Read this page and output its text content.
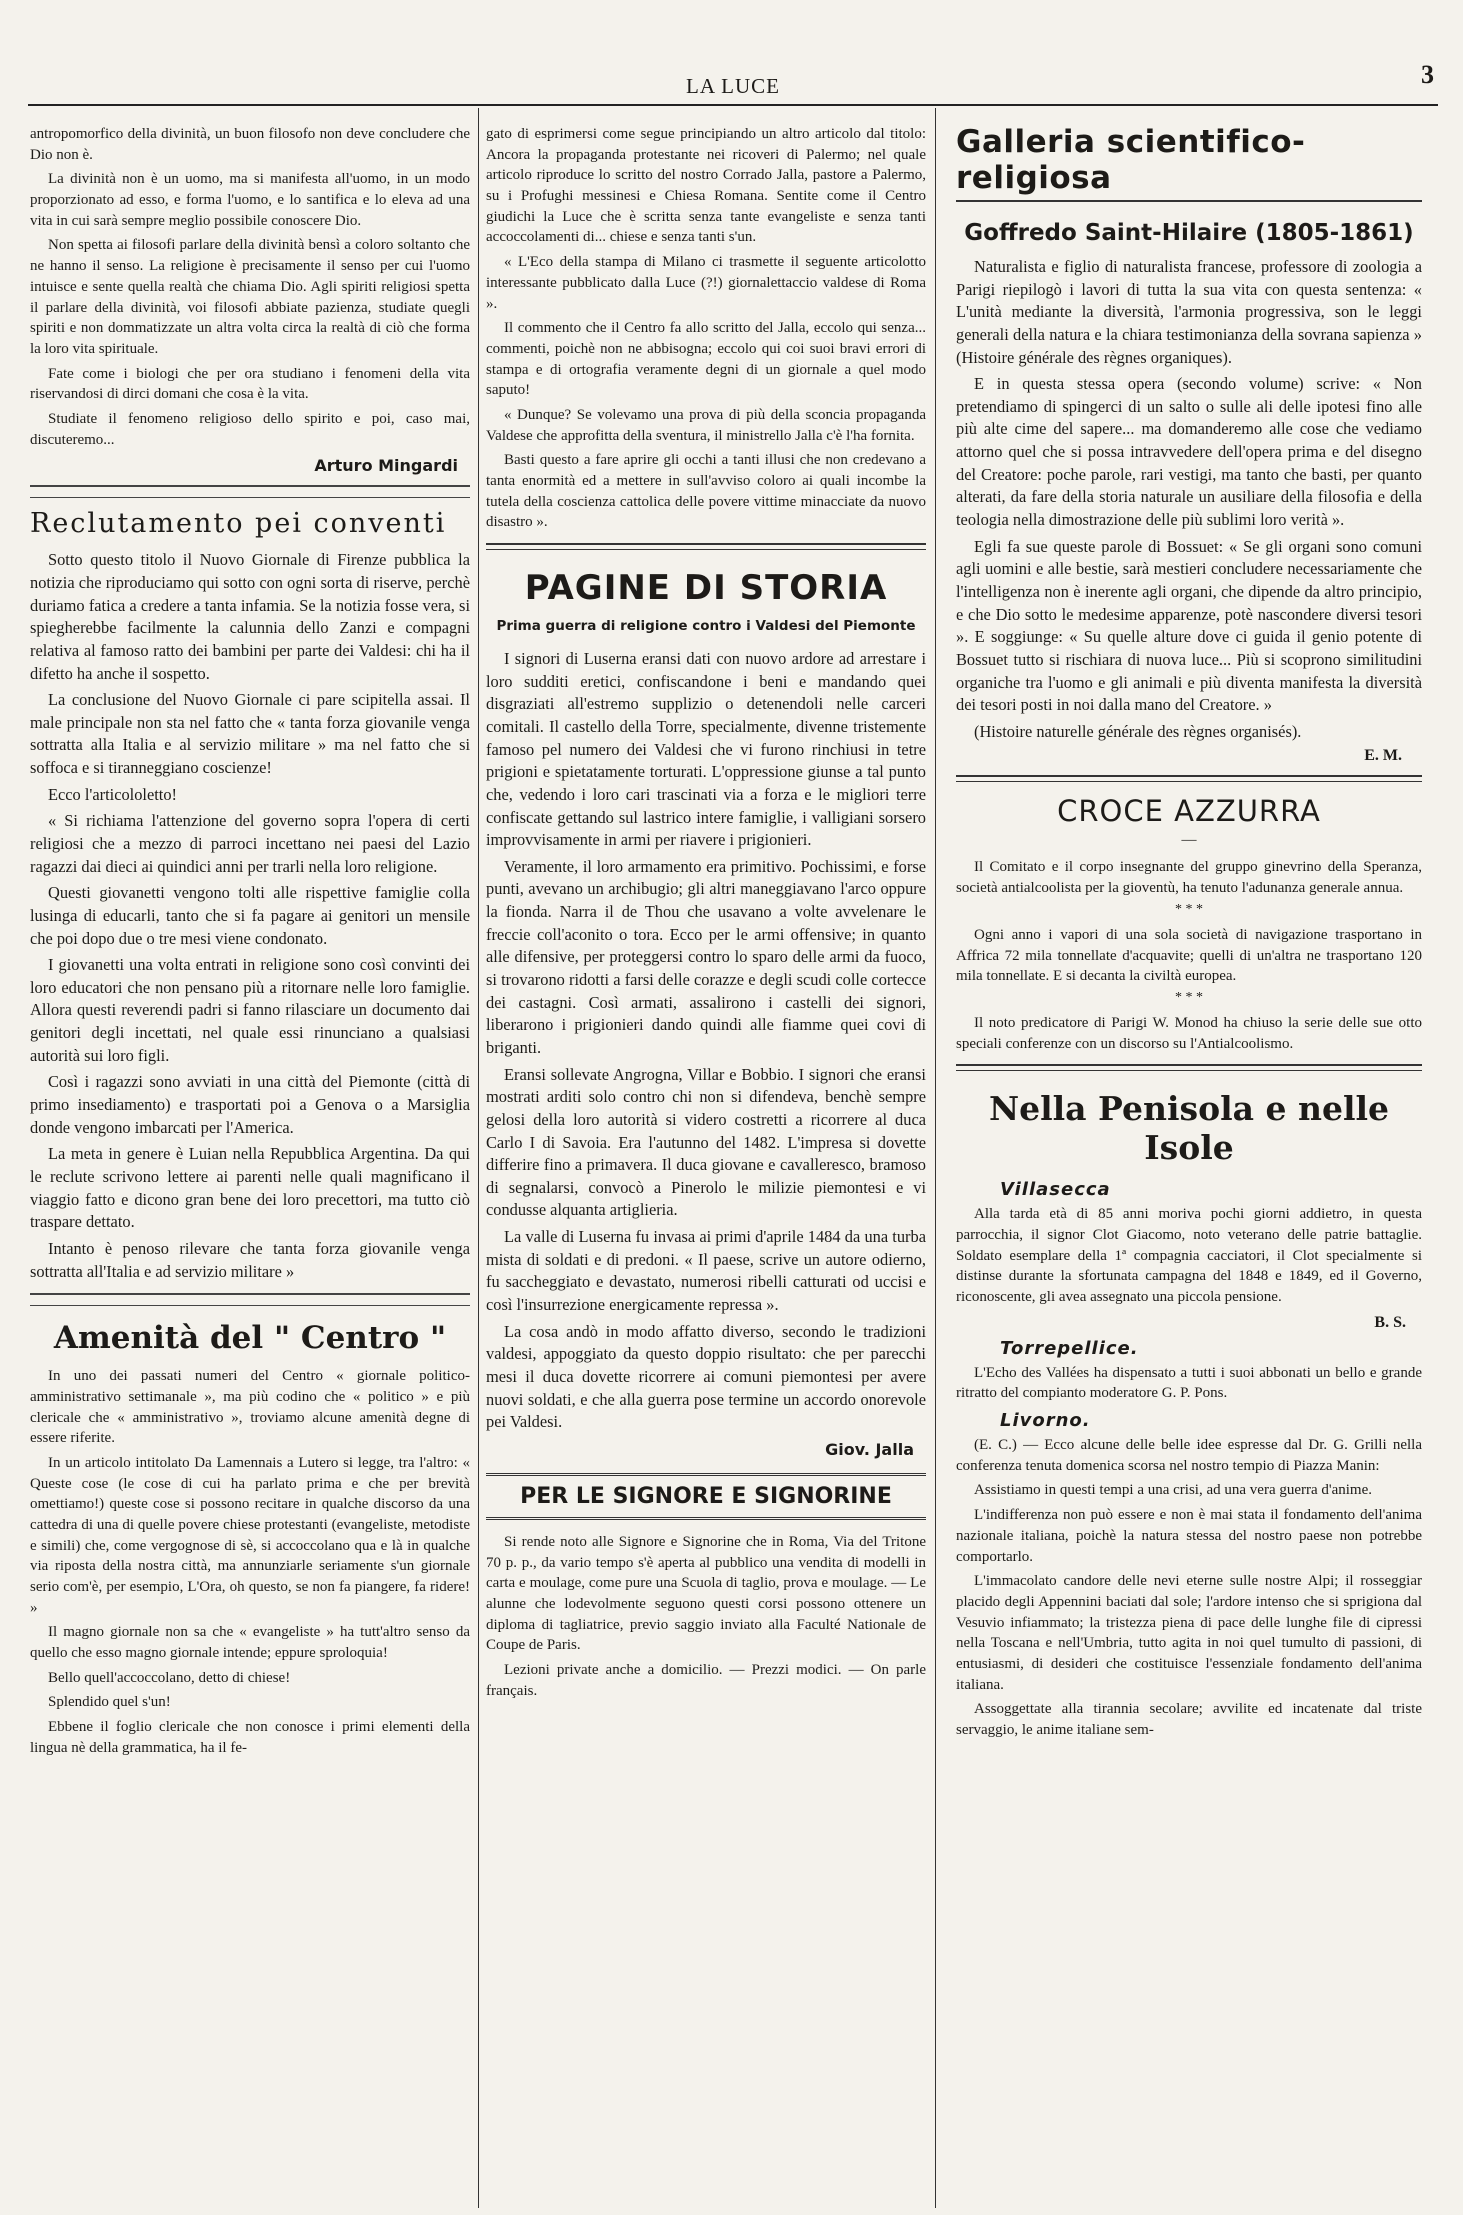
LA LUCE	3

antropomorfico della divinità, un buon filosofo non deve concludere che Dio non è.

La divinità non è un uomo, ma si manifesta all'uomo, in un modo proporzionato ad esso, e forma l'uomo, e lo santifica e lo eleva ad una vita in cui sarà sempre meglio possibile conoscere Dio.

Non spetta ai filosofi parlare della divinità bensì a coloro soltanto che ne hanno il senso. La religione è precisamente il senso per cui l'uomo intuisce e sente quella realtà che chiama Dio. Agli spiriti religiosi spetta il parlare della divinità, voi filosofi abbiate pazienza, studiate quegli spiriti e non dommatizzate un altra volta circa la realtà di ciò che forma la loro vita spirituale.

Fate come i biologi che per ora studiano i fenomeni della vita riservandosi di dirci domani che cosa è la vita.

Studiate il fenomeno religioso dello spirito e poi, caso mai, discuteremo...

Arturo Mingardi
Reclutamento pei conventi

Sotto questo titolo il Nuovo Giornale di Firenze pubblica la notizia che riproduciamo qui sotto con ogni sorta di riserve, perchè duriamo fatica a credere a tanta infamia. Se la notizia fosse vera, si spiegherebbe facilmente la calunnia dello Zanzi e compagni relativa al famoso ratto dei bambini per parte dei Valdesi: chi ha il difetto ha anche il sospetto.

La conclusione del Nuovo Giornale ci pare scipitella assai. Il male principale non sta nel fatto che « tanta forza giovanile venga sottratta alla Italia e al servizio militare » ma nel fatto che si soffoca e si tiranneggiano coscienze!

Ecco l'articololetto!

« Si richiama l'attenzione del governo sopra l'opera di certi religiosi che a mezzo di parroci incettano nei paesi del Lazio ragazzi dai dieci ai quindici anni per trarli nella loro religione.

Questi giovanetti vengono tolti alle rispettive famiglie colla lusinga di educarli, tanto che si fa pagare ai genitori un mensile che poi dopo due o tre mesi viene condonato.

I giovanetti una volta entrati in religione sono così convinti dei loro educatori che non pensano più a ritornare nelle loro famiglie. Allora questi reverendi padri si fanno rilasciare un documento dai genitori degli incettati, nel quale essi rinunciano a qualsiasi autorità sui loro figli.

Così i ragazzi sono avviati in una città del Piemonte (città di primo insediamento) e trasportati poi a Genova o a Marsiglia donde vengono imbarcati per l'America.

La meta in genere è Luian nella Repubblica Argentina. Da qui le reclute scrivono lettere ai parenti nelle quali magnificano il viaggio fatto e dicono gran bene dei loro precettori, ma tutto ciò traspare dettato.

Intanto è penoso rilevare che tanta forza giovanile venga sottratta all'Italia e ad servizio militare »

Amenità del " Centro "

In uno dei passati numeri del Centro « giornale politico-amministrativo settimanale », ma più codino che « politico » e più clericale che « amministrativo », troviamo alcune amenità degne di essere riferite.

In un articolo intitolato Da Lamennais a Lutero si legge, tra l'altro: « Queste cose (le cose di cui ha parlato prima e che per brevità omettiamo!) queste cose si possono recitare in qualche discorso da una cattedra di una di quelle povere chiese protestanti (evangeliste, metodiste e simili) che, come vergognose di sè, si accoccolano qua e là in qualche via riposta della nostra città, ma annunziarle seriamente s'un giornale serio com'è, per esempio, L'Ora, oh questo, se non fa piangere, fa ridere! »

Il magno giornale non sa che « evangeliste » ha tutt'altro senso da quello che esso magno giornale intende; eppure sproloquia!

Bello quell'accoccolano, detto di chiese!

Splendido quel s'un!

Ebbene il foglio clericale che non conosce i primi elementi della lingua nè della grammatica, ha il fe-

gato di esprimersi come segue principiando un altro articolo dal titolo: Ancora la propaganda protestante nei ricoveri di Palermo; nel quale articolo riproduce lo scritto del nostro Corrado Jalla, pastore a Palermo, su i Profughi messinesi e Chiesa Romana. Sentite come il Centro giudichi la Luce che è scritta senza tante evangeliste e senza tanti accoccolamenti di... chiese e senza tanti s'un.

« L'Eco della stampa di Milano ci trasmette il seguente articolotto interessante pubblicato dalla Luce (?!) giornalettaccio valdese di Roma ».

Il commento che il Centro fa allo scritto del Jalla, eccolo qui senza... commenti, poichè non ne abbisogna; eccolo qui coi suoi bravi errori di stampa e di ortografia veramente degni di un giornale a quel modo saputo!

« Dunque? Se volevamo una prova di più della sconcia propaganda Valdese che approfitta della sventura, il ministrello Jalla c'è l'ha fornita.

Basti questo a fare aprire gli occhi a tanti illusi che non credevano a tanta enormità ed a mettere in sull'avviso coloro ai quali incombe la tutela della coscienza cattolica delle povere vittime minacciate da nuovo disastro ».

PAGINE DI STORIA
Prima guerra di religione contro i Valdesi del Piemonte

I signori di Luserna eransi dati con nuovo ardore ad arrestare i loro sudditi eretici, confiscandone i beni e mandando quei disgraziati all'estremo supplizio o detenendoli nelle carceri comitali. Il castello della Torre, specialmente, divenne tristemente famoso pel numero dei Valdesi che vi furono rinchiusi in tetre prigioni e spietatamente torturati. L'oppressione giunse a tal punto che, vedendo i loro cari trascinati via a forza e le migliori terre confiscate gettando sul lastrico intere famiglie, i valligiani sorsero improvvisamente in armi per riavere i prigionieri.

Veramente, il loro armamento era primitivo. Pochissimi, e forse punti, avevano un archibugio; gli altri maneggiavano l'arco oppure la fionda. Narra il de Thou che usavano a volte avvelenare le freccie coll'aconito o tora. Ecco per le armi offensive; in quanto alle difensive, per proteggersi contro lo sparo delle armi da fuoco, si trovarono ridotti a farsi delle corazze e degli scudi colle cortecce dei castagni. Così armati, assalirono i castelli dei signori, liberarono i prigionieri dando quindi alle fiamme quei covi di briganti.

Eransi sollevate Angrogna, Villar e Bobbio. I signori che eransi mostrati arditi solo contro chi non si difendeva, benchè sempre gelosi della loro autorità si videro costretti a ricorrere al duca Carlo I di Savoia. Era l'autunno del 1482. L'impresa si dovette differire fino a primavera. Il duca giovane e cavalleresco, bramoso di segnalarsi, convocò a Pinerolo le milizie piemontesi e vi condusse alquanta artiglieria.

La valle di Luserna fu invasa ai primi d'aprile 1484 da una turba mista di soldati e di predoni. « Il paese, scrive un autore odierno, fu saccheggiato e devastato, numerosi ribelli catturati od uccisi e così l'insurrezione energicamente repressa ».

La cosa andò in modo affatto diverso, secondo le tradizioni valdesi, appoggiato da questo doppio risultato: che per parecchi mesi il duca dovette ricorrere ai comuni piemontesi per avere nuovi soldati, e che alla guerra pose termine un accordo onorevole pei Valdesi.

Giov. Jalla
PER LE SIGNORE E SIGNORINE

Si rende noto alle Signore e Signorine che in Roma, Via del Tritone 70 p. p., da vario tempo s'è aperta al pubblico una vendita di modelli in carta e moulage, come pure una Scuola di taglio, prova e moulage. — Le alunne che lodevolmente seguono questi corsi possono ottenere un diploma di tagliatrice, previo saggio inviato alla Faculté Nationale de Coupe de Paris.

Lezioni private anche a domicilio. — Prezzi modici. — On parle français.

Galleria scientifico-religiosa
Goffredo Saint-Hilaire (1805-1861)

Naturalista e figlio di naturalista francese, professore di zoologia a Parigi riepilogò i lavori di tutta la sua vita con questa sentenza: « L'unità mediante la diversità, l'armonia progressiva, son le leggi generali della natura e la chiara testimonianza della sovrana sapienza » (Histoire générale des règnes organiques).

E in questa stessa opera (secondo volume) scrive: « Non pretendiamo di spingerci di un salto o sulle ali delle ipotesi fino alle più alte cime del sapere... ma domanderemo alle cose che vediamo attorno quel che si possa intravvedere dell'opera prima e del disegno del Creatore: poche parole, rari vestigi, ma tanto che basti, per quanto alterati, da fare della storia naturale un ausiliare della filosofia e della teologia nella dimostrazione delle più sublimi loro verità ».

Egli fa sue queste parole di Bossuet: « Se gli organi sono comuni agli uomini e alle bestie, sarà mestieri concludere necessariamente che l'intelligenza non è inerente agli organi, che dipende da altro principio, e che Dio sotto le medesime apparenze, potè nascondere diversi tesori ». E soggiunge: « Su quelle alture dove ci guida il genio potente di Bossuet tutto si rischiara di nuova luce... Più si scoprono similitudini organiche tra l'uomo e gli animali e più diventa manifesta la diversità dei tesori posti in noi dalla mano del Creatore. »

(Histoire naturelle générale des règnes organisés).

E. M.
CROCE AZZURRA
—

Il Comitato e il corpo insegnante del gruppo ginevrino della Speranza, società antialcoolista per la gioventù, ha tenuto l'adunanza generale annua.

* * *

Ogni anno i vapori di una sola società di navigazione trasportano in Affrica 72 mila tonnellate d'acquavite; quelli di un'altra ne trasportano 120 mila tonnellate. E si decanta la civiltà europea.

* * *

Il noto predicatore di Parigi W. Monod ha chiuso la serie delle sue otto speciali conferenze con un discorso su l'Antialcoolismo.

Nella Penisola e nelle Isole
Villasecca

Alla tarda età di 85 anni moriva pochi giorni addietro, in questa parrocchia, il signor Clot Giacomo, noto veterano delle patrie battaglie. Soldato esemplare della 1ª compagnia cacciatori, il Clot specialmente si distinse durante la sfortunata campagna del 1848 e 1849, ed il Governo, riconoscente, gli avea assegnato una piccola pensione.

B. S.
Torrepellice.

L'Echo des Vallées ha dispensato a tutti i suoi abbonati un bello e grande ritratto del compianto moderatore G. P. Pons.

Livorno.

(E. C.) — Ecco alcune delle belle idee espresse dal Dr. G. Grilli nella conferenza tenuta domenica scorsa nel nostro tempio di Piazza Manin:

Assistiamo in questi tempi a una crisi, ad una vera guerra d'anime.

L'indifferenza non può essere e non è mai stata il fondamento dell'anima nazionale italiana, poichè la natura stessa del nostro paese non potrebbe comportarlo.

L'immacolato candore delle nevi eterne sulle nostre Alpi; il rosseggiar placido degli Appennini baciati dal sole; l'ardore intenso che si sprigiona dal Vesuvio infiammato; la tristezza piena di pace delle lunghe file di cipressi nella Toscana e nell'Umbria, tutto agita in noi quel tumulto di passioni, di entusiasmi, di desideri che costituisce l'essenziale fondamento dell'anima italiana.

Assoggettate alla tirannia secolare; avvilite ed incatenate dal triste servaggio, le anime italiane sem-
